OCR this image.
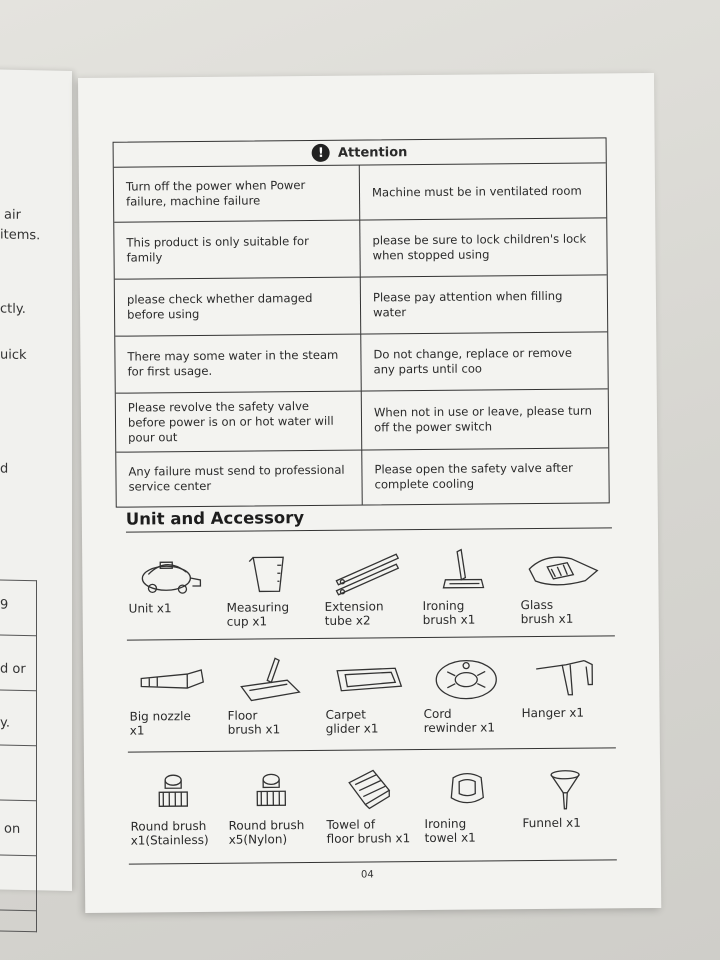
air
items.
ctly.
uick
d
9
d or
y.
on
!	Attention
Turn off the power when Power failure, machine failure
Machine must be in ventilated room
This product is only suitable for family
please be sure to lock children's lock when stopped using
please check whether damaged before using
Please pay attention when filling water
There may some water in the steam for first usage.
Do not change, replace or remove any parts until coo
Please revolve the safety valve before power is on or hot water will pour out
When not in use or leave, please turn off the power switch
Any failure must send to professional service center
Please open the safety valve after complete cooling
Unit and Accessory
Unit x1	Measuring
cup x1
Extension
tube x2
Ironing
brush x1
Glass
brush x1
Big nozzle
x1
Floor
brush x1
Carpet
glider x1
Cord
rewinder x1
Hanger x1
Round brush
x1(Stainless)
Round brush
x5(Nylon)
Towel of
floor brush x1
Ironing
towel x1
Funnel x1
04
